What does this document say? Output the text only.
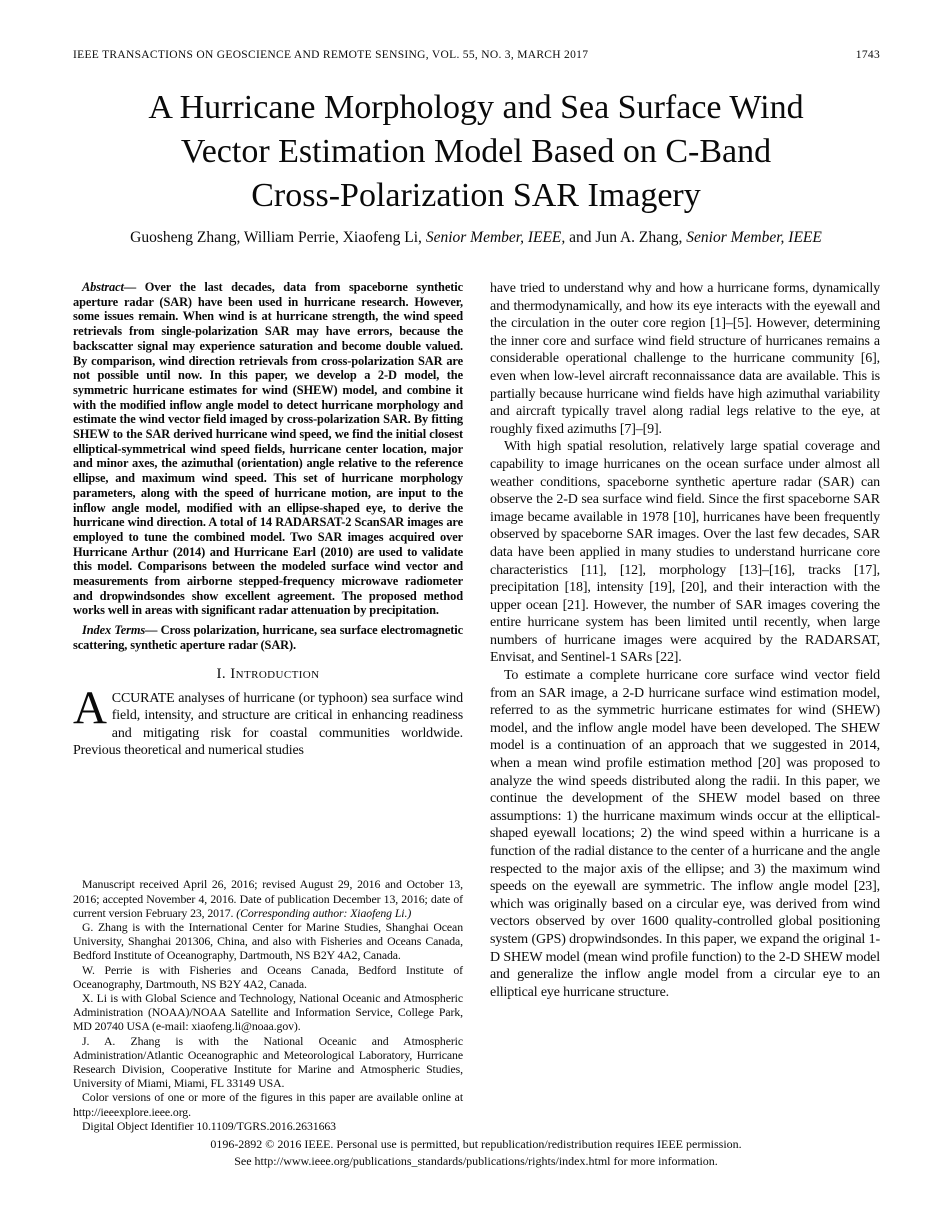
IEEE TRANSACTIONS ON GEOSCIENCE AND REMOTE SENSING, VOL. 55, NO. 3, MARCH 2017	1743
A Hurricane Morphology and Sea Surface Wind
Vector Estimation Model Based on C-Band
Cross-Polarization SAR Imagery
Guosheng Zhang, William Perrie, Xiaofeng Li, Senior Member, IEEE, and Jun A. Zhang, Senior Member, IEEE

Abstract— Over the last decades, data from spaceborne synthetic aperture radar (SAR) have been used in hurricane research. However, some issues remain. When wind is at hurricane strength, the wind speed retrievals from single-polarization SAR may have errors, because the backscatter signal may experience saturation and become double valued. By comparison, wind direction retrievals from cross-polarization SAR are not possible until now. In this paper, we develop a 2-D model, the symmetric hurricane estimates for wind (SHEW) model, and combine it with the modified inflow angle model to detect hurricane morphology and estimate the wind vector field imaged by cross-polarization SAR. By fitting SHEW to the SAR derived hurricane wind speed, we find the initial closest elliptical-symmetrical wind speed fields, hurricane center location, major and minor axes, the azimuthal (orientation) angle relative to the reference ellipse, and maximum wind speed. This set of hurricane morphology parameters, along with the speed of hurricane motion, are input to the inflow angle model, modified with an ellipse-shaped eye, to derive the hurricane wind direction. A total of 14 RADARSAT-2 ScanSAR images are employed to tune the combined model. Two SAR images acquired over Hurricane Arthur (2014) and Hurricane Earl (2010) are used to validate this model. Comparisons between the modeled surface wind vector and measurements from airborne stepped-frequency microwave radiometer and dropwindsondes show excellent agreement. The proposed method works well in areas with significant radar attenuation by precipitation.

Index Terms— Cross polarization, hurricane, sea surface electromagnetic scattering, synthetic aperture radar (SAR).

I. Introduction

ACCURATE analyses of hurricane (or typhoon) sea surface wind field, intensity, and structure are critical in enhancing readiness and mitigating risk for coastal communities worldwide. Previous theoretical and numerical studies

Manuscript received April 26, 2016; revised August 29, 2016 and October 13, 2016; accepted November 4, 2016. Date of publication December 13, 2016; date of current version February 23, 2017. (Corresponding author: Xiaofeng Li.)

G. Zhang is with the International Center for Marine Studies, Shanghai Ocean University, Shanghai 201306, China, and also with Fisheries and Oceans Canada, Bedford Institute of Oceanography, Dartmouth, NS B2Y 4A2, Canada.

W. Perrie is with Fisheries and Oceans Canada, Bedford Institute of Oceanography, Dartmouth, NS B2Y 4A2, Canada.

X. Li is with Global Science and Technology, National Oceanic and Atmospheric Administration (NOAA)/NOAA Satellite and Information Service, College Park, MD 20740 USA (e-mail: xiaofeng.li@noaa.gov).

J. A. Zhang is with the National Oceanic and Atmospheric Administration/Atlantic Oceanographic and Meteorological Laboratory, Hurricane Research Division, Cooperative Institute for Marine and Atmospheric Studies, University of Miami, Miami, FL 33149 USA.

Color versions of one or more of the figures in this paper are available online at http://ieeexplore.ieee.org.

Digital Object Identifier 10.1109/TGRS.2016.2631663

have tried to understand why and how a hurricane forms, dynamically and thermodynamically, and how its eye interacts with the eyewall and the circulation in the outer core region [1]–[5]. However, determining the inner core and surface wind field structure of hurricanes remains a considerable operational challenge to the hurricane community [6], even when low-level aircraft reconnaissance data are available. This is partially because hurricane wind fields have high azimuthal variability and aircraft typically travel along radial legs relative to the eye, at roughly fixed azimuths [7]–[9].

With high spatial resolution, relatively large spatial coverage and capability to image hurricanes on the ocean surface under almost all weather conditions, spaceborne synthetic aperture radar (SAR) can observe the 2-D sea surface wind field. Since the first spaceborne SAR image became available in 1978 [10], hurricanes have been frequently observed by spaceborne SAR images. Over the last few decades, SAR data have been applied in many studies to understand hurricane core characteristics [11], [12], morphology [13]–[16], tracks [17], precipitation [18], intensity [19], [20], and their interaction with the upper ocean [21]. However, the number of SAR images covering the entire hurricane system has been limited until recently, when large numbers of hurricane images were acquired by the RADARSAT, Envisat, and Sentinel-1 SARs [22].

To estimate a complete hurricane core surface wind vector field from an SAR image, a 2-D hurricane surface wind estimation model, referred to as the symmetric hurricane estimates for wind (SHEW) model, and the inflow angle model have been developed. The SHEW model is a continuation of an approach that we suggested in 2014, when a mean wind profile estimation method [20] was proposed to analyze the wind speeds distributed along the radii. In this paper, we continue the development of the SHEW model based on three assumptions: 1) the hurricane maximum winds occur at the elliptical-shaped eyewall locations; 2) the wind speed within a hurricane is a function of the radial distance to the center of a hurricane and the angle respected to the major axis of the ellipse; and 3) the maximum wind speeds on the eyewall are symmetric. The inflow angle model [23], which was originally based on a circular eye, was derived from wind vectors observed by over 1600 quality-controlled global positioning system (GPS) dropwindsondes. In this paper, we expand the original 1-D SHEW model (mean wind profile function) to the 2-D SHEW model and generalize the inflow angle model from a circular eye to an elliptical eye hurricane structure.

0196-2892 © 2016 IEEE. Personal use is permitted, but republication/redistribution requires IEEE permission.
See http://www.ieee.org/publications_standards/publications/rights/index.html for more information.
